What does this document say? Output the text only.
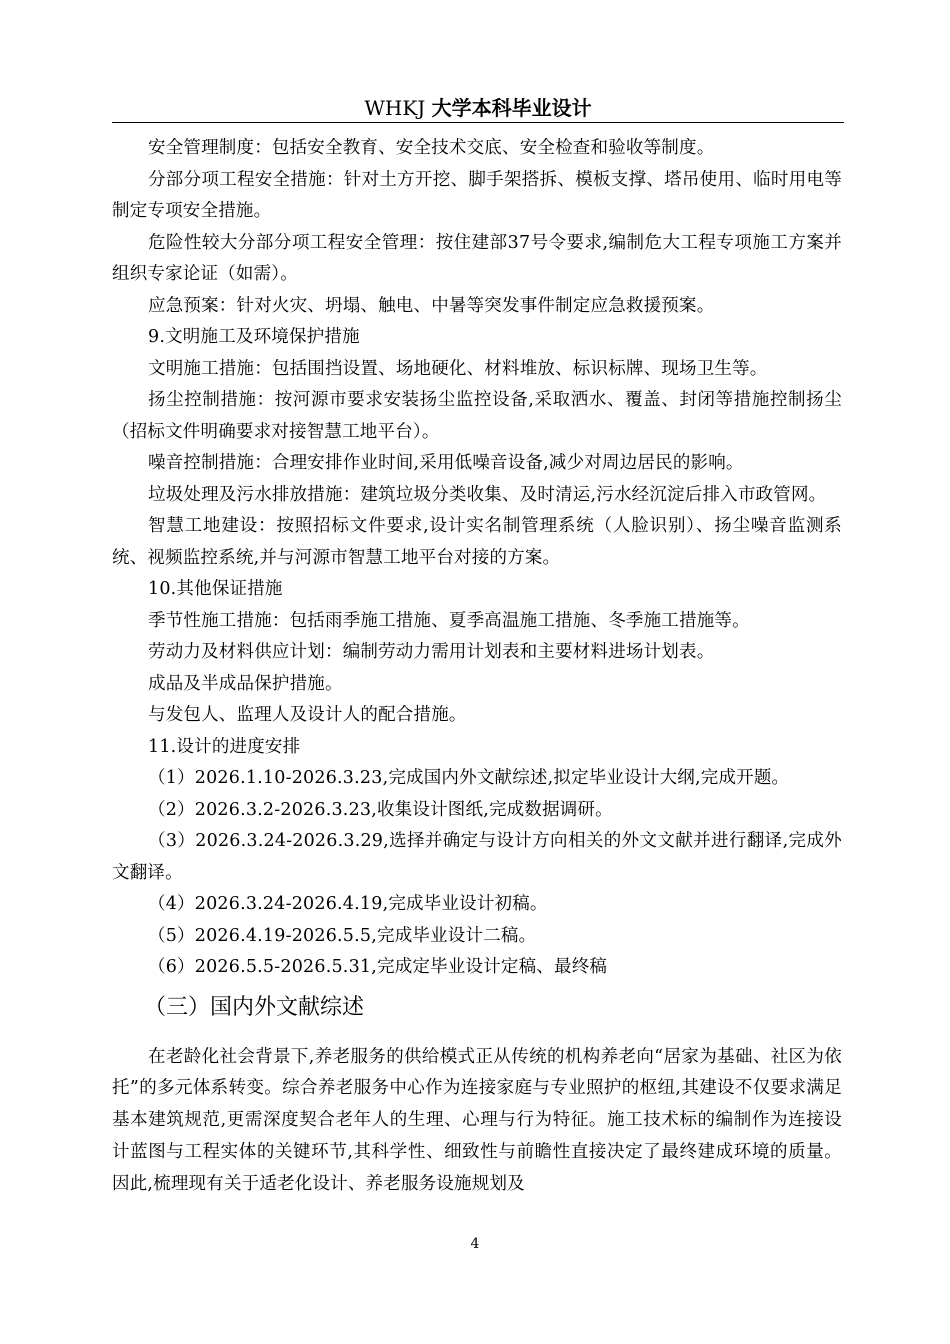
WHKJ 大学本科毕业设计

安全管理制度：包括安全教育、安全技术交底、安全检查和验收等制度。

分部分项工程安全措施：针对土方开挖、脚手架搭拆、模板支撑、塔吊使用、临时用电等制定专项安全措施。

危险性较大分部分项工程安全管理：按住建部37号令要求,编制危大工程专项施工方案并组织专家论证（如需）。

应急预案：针对火灾、坍塌、触电、中暑等突发事件制定应急救援预案。

9.文明施工及环境保护措施

文明施工措施：包括围挡设置、场地硬化、材料堆放、标识标牌、现场卫生等。

扬尘控制措施：按河源市要求安装扬尘监控设备,采取洒水、覆盖、封闭等措施控制扬尘（招标文件明确要求对接智慧工地平台）。

噪音控制措施：合理安排作业时间,采用低噪音设备,减少对周边居民的影响。

垃圾处理及污水排放措施：建筑垃圾分类收集、及时清运,污水经沉淀后排入市政管网。

智慧工地建设：按照招标文件要求,设计实名制管理系统（人脸识别）、扬尘噪音监测系统、视频监控系统,并与河源市智慧工地平台对接的方案。

10.其他保证措施

季节性施工措施：包括雨季施工措施、夏季高温施工措施、冬季施工措施等。

劳动力及材料供应计划：编制劳动力需用计划表和主要材料进场计划表。

成品及半成品保护措施。

与发包人、监理人及设计人的配合措施。

11.设计的进度安排

（1）2026.1.10-2026.3.23,完成国内外文献综述,拟定毕业设计大纲,完成开题。

（2）2026.3.2-2026.3.23,收集设计图纸,完成数据调研。

（3）2026.3.24-2026.3.29,选择并确定与设计方向相关的外文文献并进行翻译,完成外文翻译。

（4）2026.3.24-2026.4.19,完成毕业设计初稿。

（5）2026.4.19-2026.5.5,完成毕业设计二稿。

（6）2026.5.5-2026.5.31,完成定毕业设计定稿、最终稿

（三）国内外文献综述

在老龄化社会背景下,养老服务的供给模式正从传统的机构养老向“居家为基础、社区为依托”的多元体系转变。综合养老服务中心作为连接家庭与专业照护的枢纽,其建设不仅要求满足基本建筑规范,更需深度契合老年人的生理、心理与行为特征。施工技术标的编制作为连接设计蓝图与工程实体的关键环节,其科学性、细致性与前瞻性直接决定了最终建成环境的质量。因此,梳理现有关于适老化设计、养老服务设施规划及

4
